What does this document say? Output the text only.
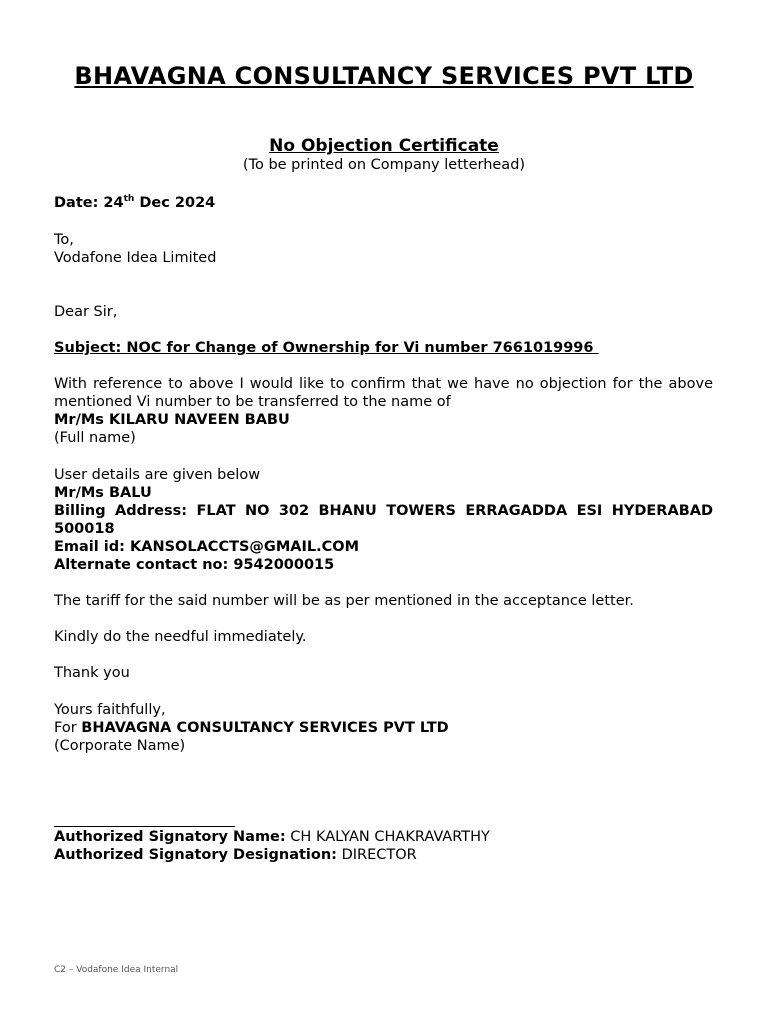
BHAVAGNA CONSULTANCY SERVICES PVT LTD
No Objection Certificate
(To be printed on Company letterhead)
Date: 24th Dec 2024
To,
Vodafone Idea Limited
Dear Sir,
Subject: NOC for Change of Ownership for Vi number 7661019996
With reference to above I would like to confirm that we have no objection for the above mentioned Vi number to be transferred to the name of
Mr/Ms KILARU NAVEEN BABU
(Full name)
User details are given below
Mr/Ms BALU
Billing Address: FLAT NO 302 BHANU TOWERS ERRAGADDA ESI HYDERABAD 500018
Email id: KANSOLACCTS@GMAIL.COM
Alternate contact no: 9542000015
The tariff for the said number will be as per mentioned in the acceptance letter.
Kindly do the needful immediately.
Thank you
Yours faithfully,
For BHAVAGNA CONSULTANCY SERVICES PVT LTD
(Corporate Name)
Authorized Signatory Name: CH KALYAN CHAKRAVARTHY
Authorized Signatory Designation: DIRECTOR
C2 – Vodafone Idea Internal
